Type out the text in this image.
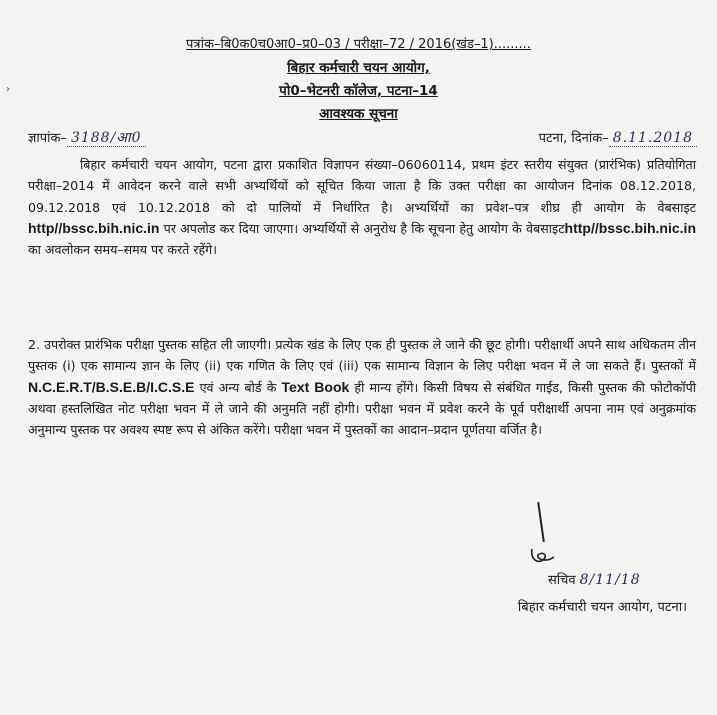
›
पत्रांक–बि0क0च0आ0–प्र0–03 / परीक्षा–72 / 2016(खंड–1).........
बिहार कर्मचारी चयन आयोग,
पो0–भेटनरी कॉलेज, पटना–14
आवश्यक सूचना
ज्ञापांक– 3188/आ0	पटना, दिनांक– 8.11.2018
बिहार कर्मचारी चयन आयोग, पटना द्वारा प्रकाशित विज्ञापन संख्या–06060114, प्रथम इंटर स्तरीय संयुक्त (प्रारंभिक) प्रतियोगिता परीक्षा–2014 में आवेदन करने वाले सभी अभ्यर्थियों को सूचित किया जाता है कि उक्त परीक्षा का आयोजन दिनांक 08.12.2018, 09.12.2018 एवं 10.12.2018 को दो पालियों में निर्धारित है। अभ्यर्थियों का प्रवेश–पत्र शीघ्र ही आयोग के वेबसाइट http//bssc.bih.nic.in पर अपलोड कर दिया जाएगा। अभ्यर्थियों से अनुरोध है कि सूचना हेतु आयोग के वेबसाइटhttp//bssc.bih.nic.in का अवलोकन समय–समय पर करते रहेंगे।
2. उपरोक्त प्रारंभिक परीक्षा पुस्तक सहित ली जाएगी। प्रत्येक खंड के लिए एक ही पुस्तक ले जाने की छूट होगी। परीक्षार्थी अपने साथ अधिकतम तीन पुस्तक (i) एक सामान्य ज्ञान के लिए (ii) एक गणित के लिए एवं (iii) एक सामान्य विज्ञान के लिए परीक्षा भवन में ले जा सकते हैं। पुस्तकों में N.C.E.R.T/B.S.E.B/I.C.S.E एवं अन्य बोर्ड के Text Book ही मान्य होंगे। किसी विषय से संबंधित गाईड, किसी पुस्तक की फोटोकॉपी अथवा हस्तलिखित नोट परीक्षा भवन में ले जाने की अनुमति नहीं होगी। परीक्षा भवन में प्रवेश करने के पूर्व परीक्षार्थी अपना नाम एवं अनुक्रमांक अनुमान्य पुस्तक पर अवश्य स्पष्ट रूप से अंकित करेंगे। परीक्षा भवन में पुस्तकों का आदान–प्रदान पूर्णतया वर्जित है।
सचिव 8/11/18
बिहार कर्मचारी चयन आयोग, पटना।
